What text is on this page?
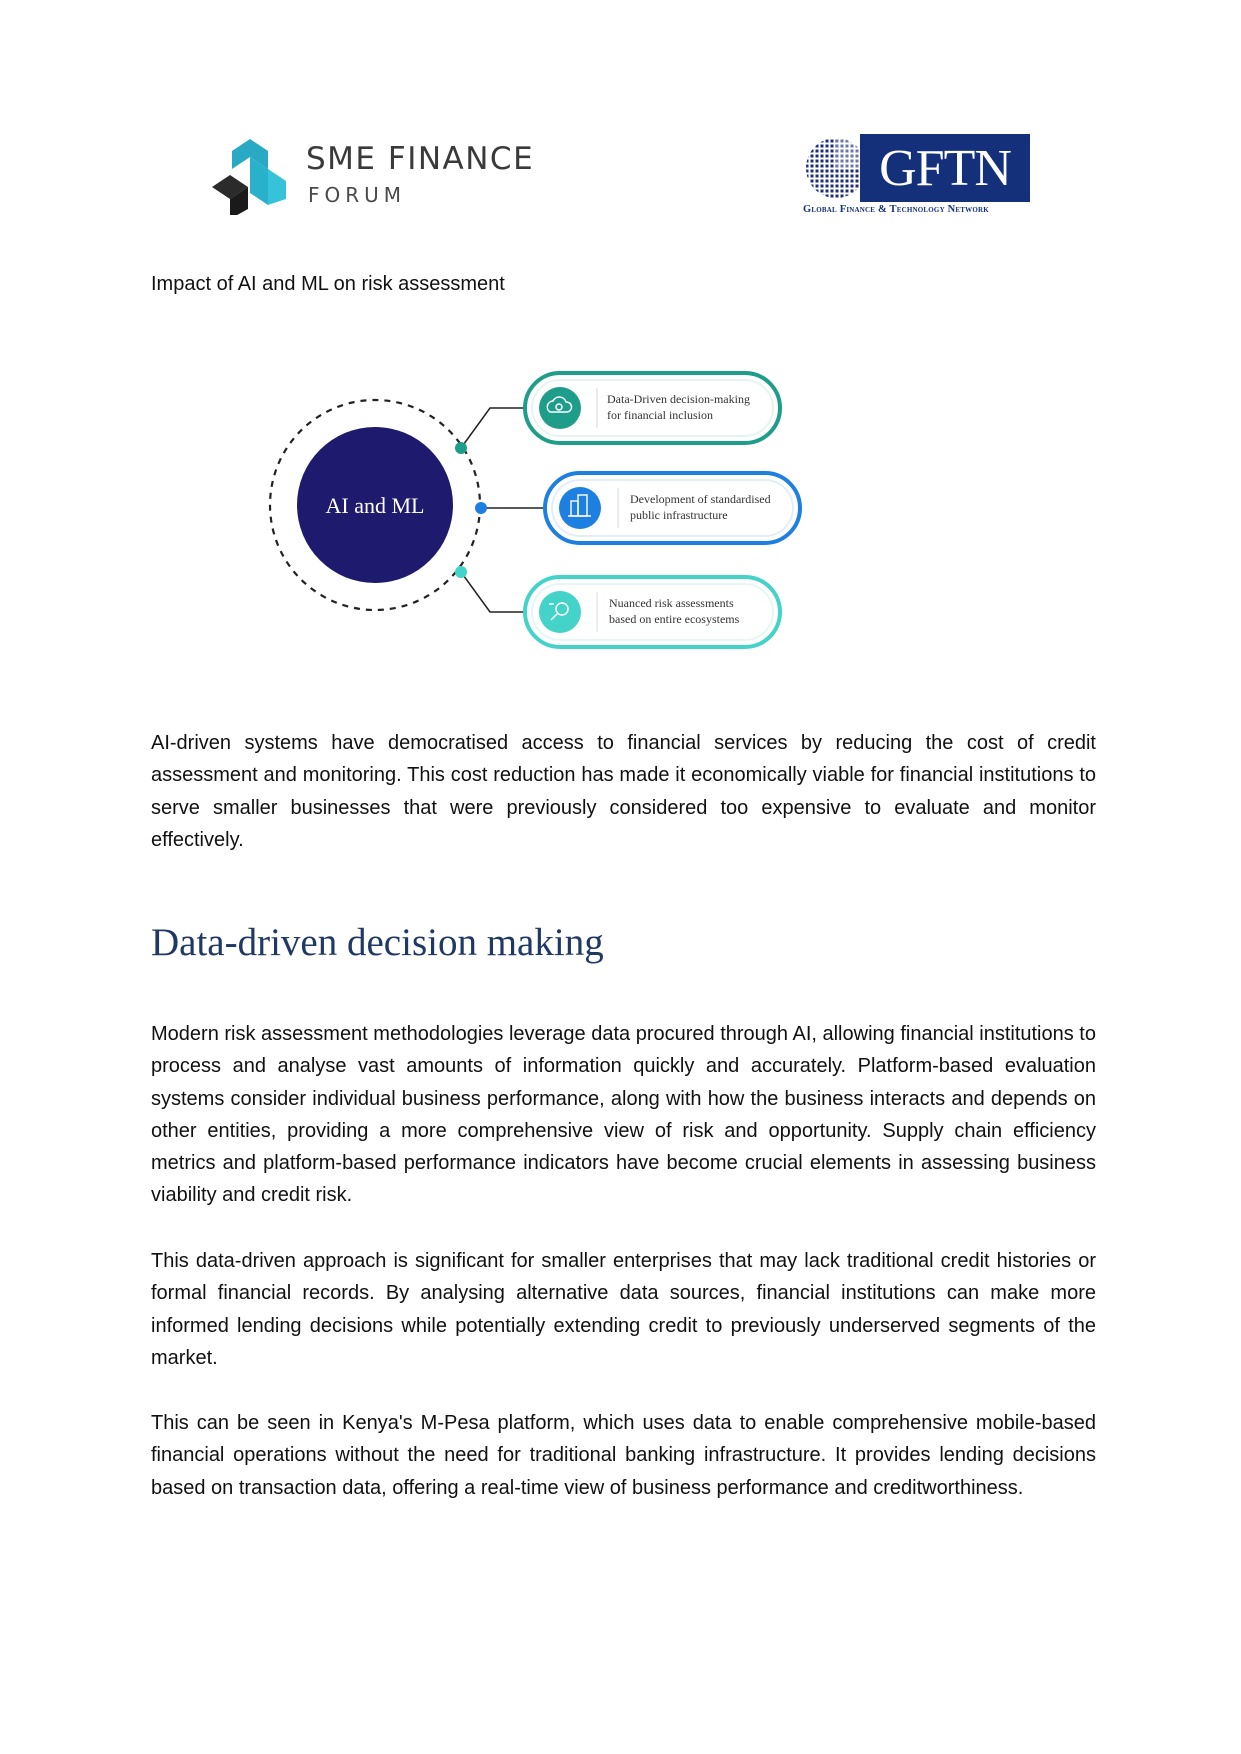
SME FINANCE
FORUM	GFTN
Global Finance & Technology Network
Impact of AI and ML on risk assessment
AI and ML
Data-Driven decision-making
for financial inclusion
Development of standardised
public infrastructure
Nuanced risk assessments
based on entire ecosystems

AI-driven systems have democratised access to financial services by reducing the cost of credit assessment and monitoring. This cost reduction has made it economically viable for financial institutions to serve smaller businesses that were previously considered too expensive to evaluate and monitor effectively.

Data-driven decision making

Modern risk assessment methodologies leverage data procured through AI, allowing financial institutions to process and analyse vast amounts of information quickly and accurately. Platform-based evaluation systems consider individual business performance, along with how the business interacts and depends on other entities, providing a more comprehensive view of risk and opportunity. Supply chain efficiency metrics and platform-based performance indicators have become crucial elements in assessing business viability and credit risk.

This data-driven approach is significant for smaller enterprises that may lack traditional credit histories or formal financial records. By analysing alternative data sources, financial institutions can make more informed lending decisions while potentially extending credit to previously underserved segments of the market.

This can be seen in Kenya's M-Pesa platform, which uses data to enable comprehensive mobile-based financial operations without the need for traditional banking infrastructure. It provides lending decisions based on transaction data, offering a real-time view of business performance and creditworthiness.
